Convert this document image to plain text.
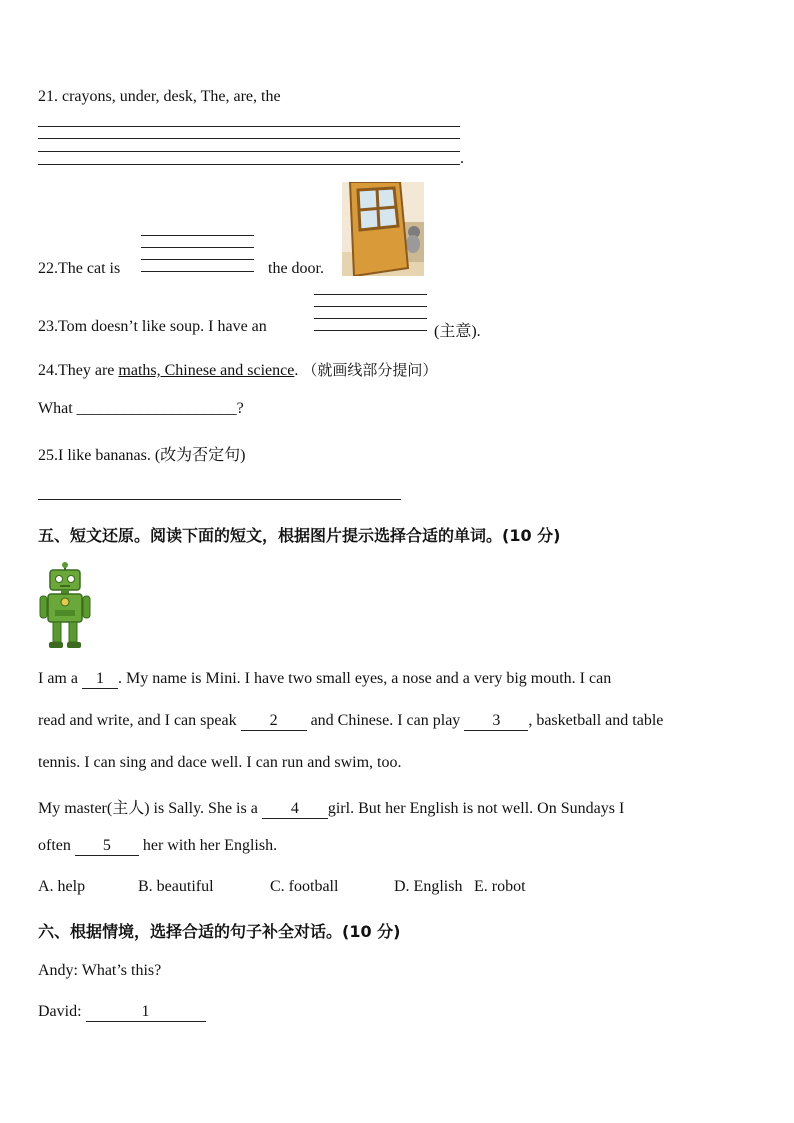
21. crayons, under, desk, The, are, the
.
22.The cat is	the door.
23.Tom doesn’t like soup. I have an	(主意).
24.They are maths, Chinese and science. （就画线部分提问）
What ____________________?
25.I like bananas. (改为否定句)
五、短文还原。阅读下面的短文，根据图片提示选择合适的单词。(10 分)
I am a 1 . My name is Mini. I have two small eyes, a nose and a very big mouth. I can
read and write, and I can speak 2 and Chinese. I can play 3 , basketball and table
tennis. I can sing and dace well. I can run and swim, too.
My master(主人) is Sally. She is a 4 girl. But her English is not well. On Sundays I
often 5 her with her English.
A. help	B. beautiful	C. football	D. English E. robot
六、根据情境，选择合适的句子补全对话。(10 分)
Andy: What’s this?
David:	1
